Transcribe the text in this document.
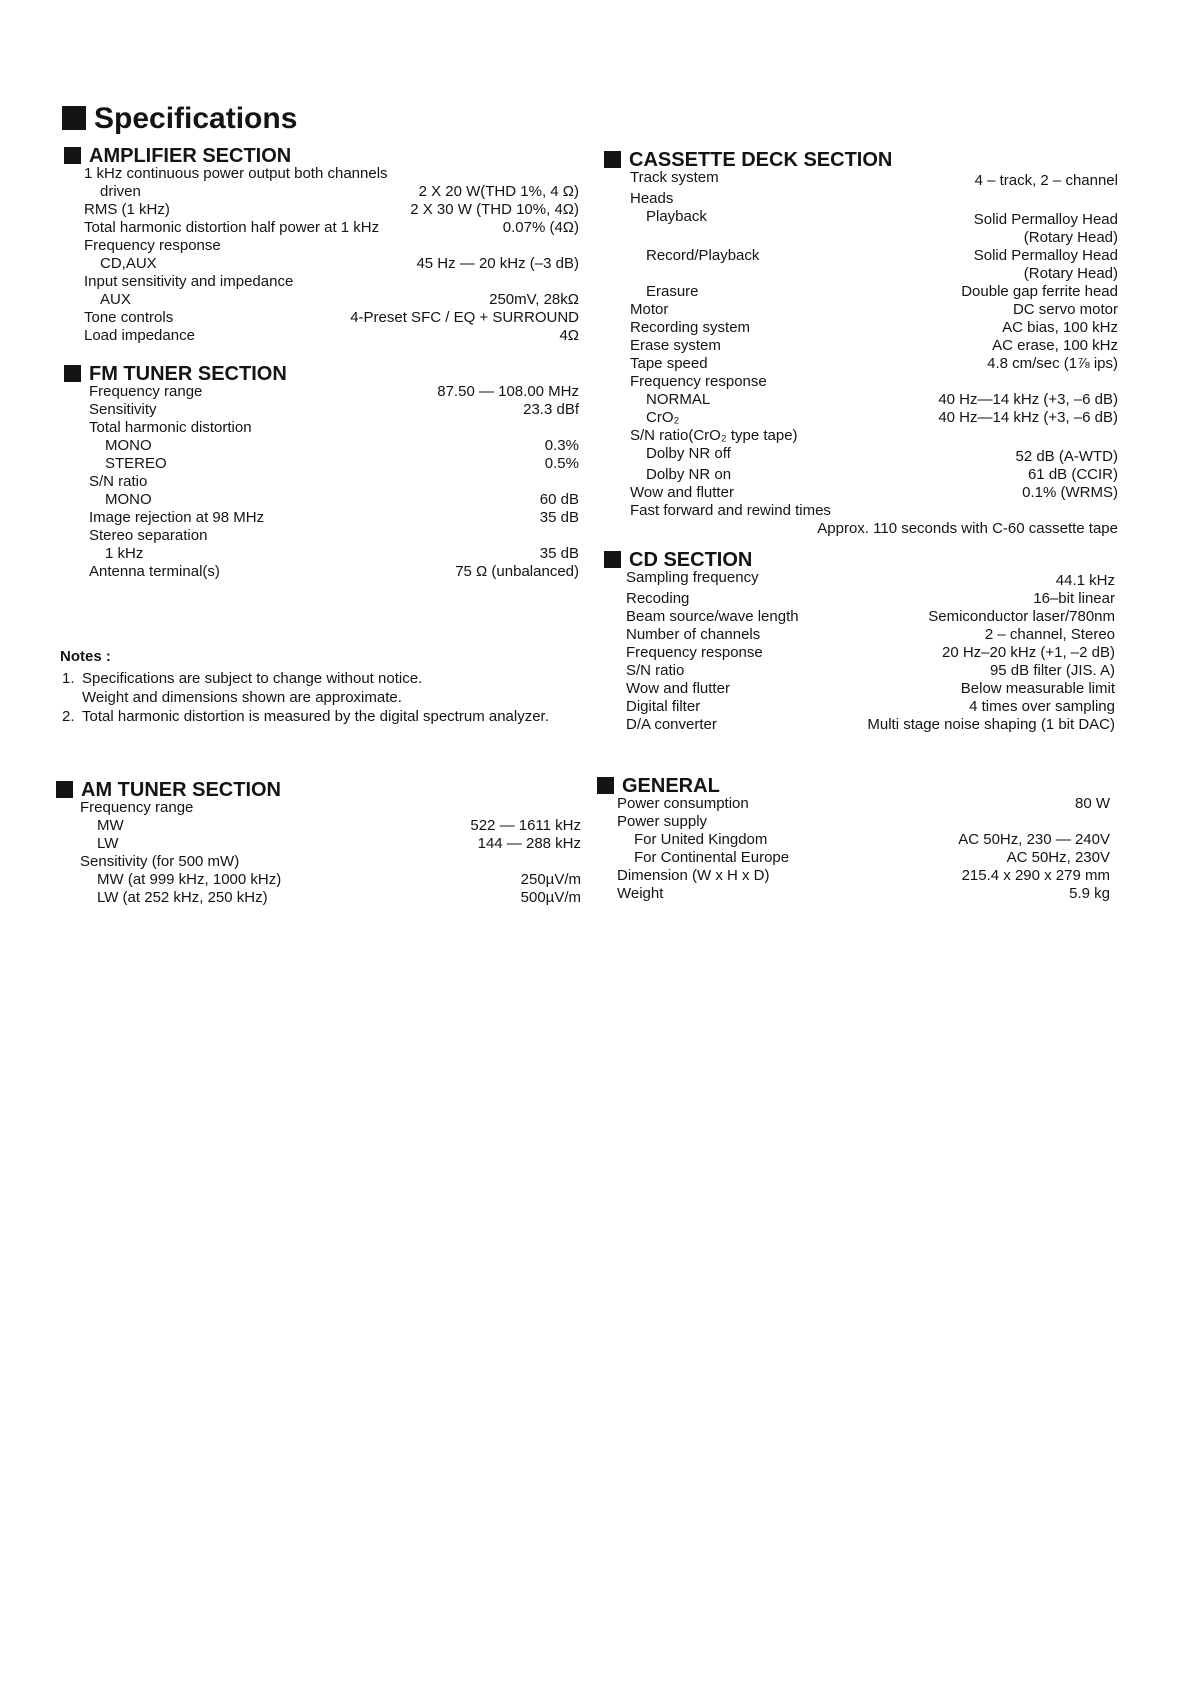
Specifications
AMPLIFIER SECTION
1 kHz continuous power output both channels
driven	2 X 20 W(THD 1%, 4 Ω)
RMS (1 kHz)	2 X 30 W (THD 10%, 4Ω)
Total harmonic distortion half power at 1 kHz	0.07% (4Ω)
Frequency response
CD,AUX	45 Hz — 20 kHz (–3 dB)
Input sensitivity and impedance
AUX	250mV, 28kΩ
Tone controls	4-Preset SFC / EQ + SURROUND
Load impedance	4Ω
FM TUNER SECTION
Frequency range	87.50 — 108.00 MHz
Sensitivity	23.3 dBf
Total harmonic distortion
MONO	0.3%
STEREO	0.5%
S/N ratio
MONO	60 dB
Image rejection at 98 MHz	35 dB
Stereo separation
1 kHz	35 dB
Antenna terminal(s)	75 Ω (unbalanced)
AM TUNER SECTION
Frequency range
MW	522 — 1611 kHz
LW	144 — 288 kHz
Sensitivity (for 500 mW)
MW (at 999 kHz, 1000 kHz)	250µV/m
LW (at 252 kHz, 250 kHz)	500µV/m
CASSETTE DECK SECTION
Track system	4 – track, 2 – channel
Heads
Playback	Solid Permalloy Head
(Rotary Head)
Record/Playback	Solid Permalloy Head
(Rotary Head)
Erasure	Double gap ferrite head
Motor	DC servo motor
Recording system	AC bias, 100 kHz
Erase system	AC erase, 100 kHz
Tape speed	4.8 cm/sec (1⅞ ips)
Frequency response
NORMAL	40 Hz—14 kHz (+3, –6 dB)
CrO₂	40 Hz—14 kHz (+3, –6 dB)
S/N ratio(CrO₂ type tape)
Dolby NR off	52 dB (A-WTD)
Dolby NR on	61 dB (CCIR)
Wow and flutter	0.1% (WRMS)
Fast forward and rewind times
Approx. 110 seconds with C-60 cassette tape
CD SECTION
Sampling frequency	44.1 kHz
Recoding	16–bit linear
Beam source/wave length	Semiconductor laser/780nm
Number of channels	2 – channel, Stereo
Frequency response	20 Hz–20 kHz (+1, –2 dB)
S/N ratio	95 dB filter (JIS. A)
Wow and flutter	Below measurable limit
Digital filter	4 times over sampling
D/A converter	Multi stage noise shaping (1 bit DAC)
GENERAL
Power consumption	80 W
Power supply
For United Kingdom	AC 50Hz, 230 — 240V
For Continental Europe	AC 50Hz, 230V
Dimension (W x H x D)	215.4 x 290 x 279 mm
Weight	5.9 kg
Notes :
1. Specifications are subject to change without notice.
Weight and dimensions shown are approximate.
2. Total harmonic distortion is measured by the digital spectrum analyzer.
